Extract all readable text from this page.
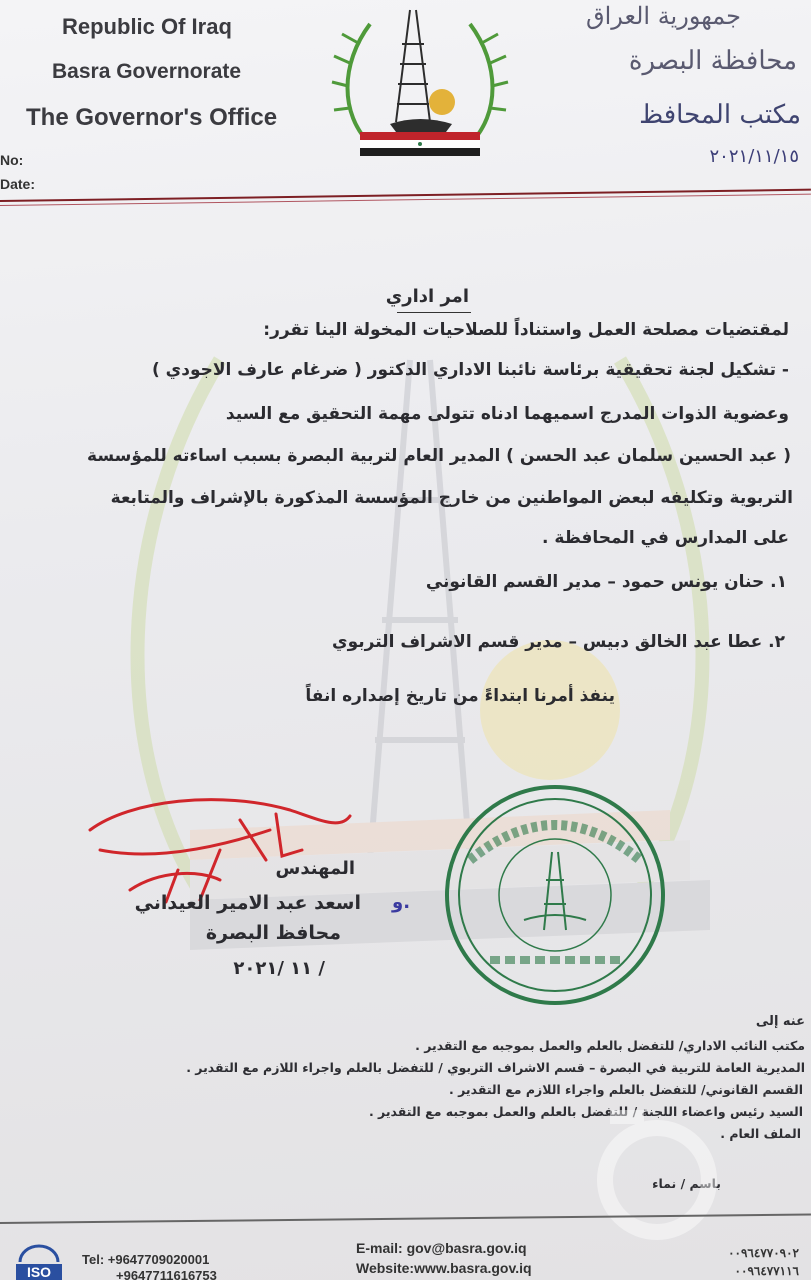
Republic Of Iraq
Basra Governorate
The Governor's Office
No:
Date:
جمهورية العراق
محافظة البصرة
مكتب المحافظ
٢٠٢١/١١/١٥
امر اداري
لمقتضيات مصلحة العمل واستناداً للصلاحيات المخولة الينا تقرر:
- تشكيل لجنة تحقيقية برئاسة نائبنا الاداري الدكتور ( ضرغام عارف الاجودي )
وعضوية الذوات المدرج اسميهما ادناه تتولى مهمة التحقيق مع السيد
( عبد الحسين سلمان عبد الحسن ) المدير العام لتربية البصرة بسبب اساءته للمؤسسة
التربوية وتكليفه لبعض المواطنين من خارج المؤسسة المذكورة بالإشراف والمتابعة
على المدارس في المحافظة .
١. حنان يونس حمود – مدير القسم القانوني
٢. عطا عبد الخالق دبيس – مدير قسم الاشراف التربوي
ينفذ أمرنا ابتداءً من تاريخ إصداره انفاً
المهندس
و.
اسعد عبد الامير العيداني
محافظ البصرة
/ ١١ /٢٠٢١
عنه إلى
مكتب النائب الاداري/ للتفضل بالعلم والعمل بموجبه مع التقدير .
المديرية العامة للتربية في البصرة – قسم الاشراف التربوي / للتفضل بالعلم واجراء اللازم مع التقدير .
القسم القانوني/ للتفضل بالعلم واجراء اللازم مع التقدير .
السيد رئيس واعضاء اللجنة / للتفضل بالعلم والعمل بموجبه مع التقدير .
الملف العام .
باسم / نماء
ISO
Tel: +9647709020001
+9647711616753
E-mail: gov@basra.gov.iq
Website:www.basra.gov.iq
٠٠٩٦٤٧٧٠٩٠٢
٠٠٩٦٤٧٧١١٦
